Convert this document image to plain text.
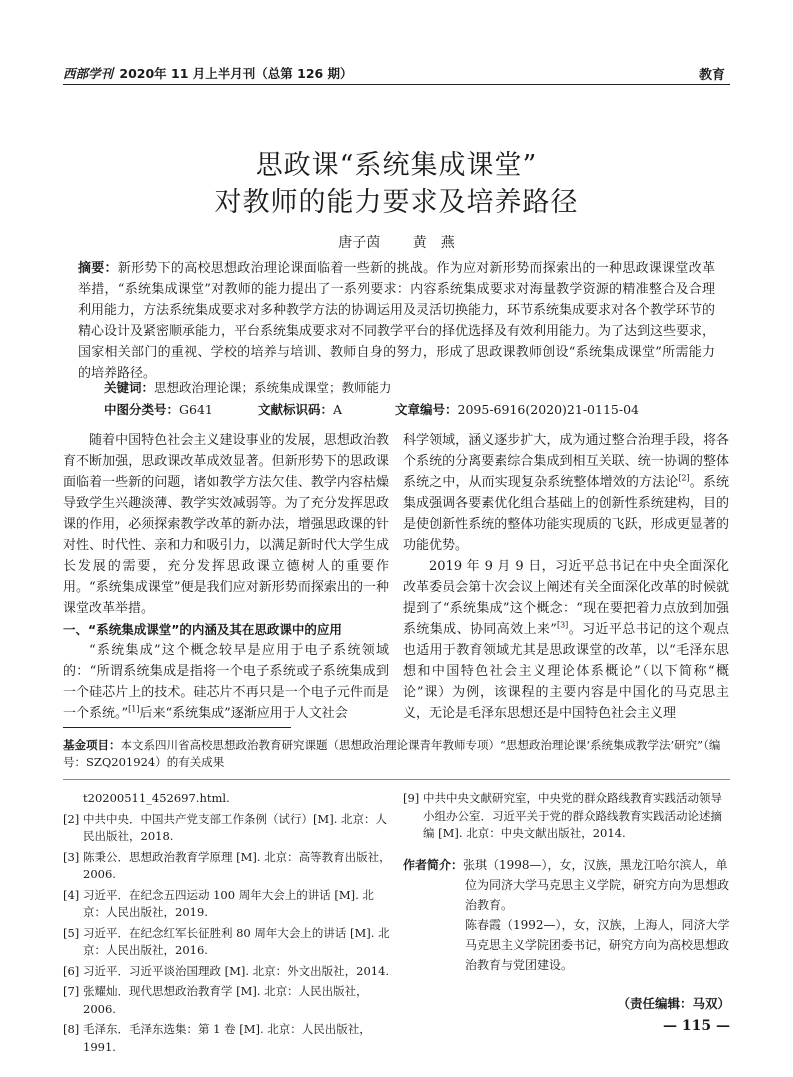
西部学刊 2020年 11 月上半月刊（总第 126 期）	教育
思政课“系统集成课堂”
对教师的能力要求及培养路径
唐子茵 黄　燕
摘要：新形势下的高校思想政治理论课面临着一些新的挑战。作为应对新形势而探索出的一种思政课课堂改革举措，“系统集成课堂”对教师的能力提出了一系列要求：内容系统集成要求对海量教学资源的精准整合及合理利用能力，方法系统集成要求对多种教学方法的协调运用及灵活切换能力，环节系统集成要求对各个教学环节的精心设计及紧密顺承能力，平台系统集成要求对不同教学平台的择优选择及有效利用能力。为了达到这些要求，国家相关部门的重视、学校的培养与培训、教师自身的努力，形成了思政课教师创设“系统集成课堂”所需能力的培养路径。
关键词：思想政治理论课；系统集成课堂；教师能力
中图分类号：G641	文献标识码：A	文章编号：2095-6916(2020)21-0115-04

随着中国特色社会主义建设事业的发展，思想政治教育不断加强，思政课改革成效显著。但新形势下的思政课面临着一些新的问题，诸如教学方法欠佳、教学内容枯燥导致学生兴趣淡薄、教学实效减弱等。为了充分发挥思政课的作用，必须探索教学改革的新办法，增强思政课的针对性、时代性、亲和力和吸引力，以满足新时代大学生成长发展的需要，充分发挥思政课立德树人的重要作用。“系统集成课堂”便是我们应对新形势而探索出的一种课堂改革举措。

一、“系统集成课堂”的内涵及其在思政课中的应用

“系统集成”这个概念较早是应用于电子系统领域的：“所谓系统集成是指将一个电子系统或子系统集成到一个硅芯片上的技术。硅芯片不再只是一个电子元件而是一个系统。”[1]后来“系统集成”逐渐应用于人文社会

科学领域，涵义逐步扩大，成为通过整合治理手段，将各个系统的分离要素综合集成到相互关联、统一协调的整体系统之中，从而实现复杂系统整体增效的方法论[2]。系统集成强调各要素优化组合基础上的创新性系统建构，目的是使创新性系统的整体功能实现质的飞跃，形成更显著的功能优势。

2019 年 9 月 9 日，习近平总书记在中央全面深化改革委员会第十次会议上阐述有关全面深化改革的时候就提到了“系统集成”这个概念：“现在要把着力点放到加强系统集成、协同高效上来”[3]。习近平总书记的这个观点也适用于教育领域尤其是思政课堂的改革，以“毛泽东思想和中国特色社会主义理论体系概论”（以下简称“概论”课）为例，该课程的主要内容是中国化的马克思主义，无论是毛泽东思想还是中国特色社会主义理

基金项目：本文系四川省高校思想政治教育研究课题（思想政治理论课青年教师专项）“思想政治理论课‘系统集成教学法’研究”（编号：SZQ201924）的有关成果
t20200511_452697.html.
[2] 中共中央．中国共产党支部工作条例（试行）[M]. 北京：人民出版社，2018.
[3] 陈秉公．思想政治教育学原理 [M]. 北京：高等教育出版社，2006.
[4] 习近平．在纪念五四运动 100 周年大会上的讲话 [M]. 北京：人民出版社，2019.
[5] 习近平．在纪念红军长征胜利 80 周年大会上的讲话 [M]. 北京：人民出版社，2016.
[6] 习近平．习近平谈治国理政 [M]. 北京：外文出版社，2014.
[7] 张耀灿．现代思想政治教育学 [M]. 北京：人民出版社，2006.
[8] 毛泽东．毛泽东选集：第 1 卷 [M]. 北京：人民出版社，1991.
[9] 中共中央文献研究室，中央党的群众路线教育实践活动领导小组办公室．习近平关于党的群众路线教育实践活动论述摘编 [M]. 北京：中央文献出版社，2014.
作者简介：张琪（1998—），女，汉族，黑龙江哈尔滨人，单位为同济大学马克思主义学院，研究方向为思想政治教育。
陈春霞（1992—），女，汉族，上海人，同济大学马克思主义学院团委书记，研究方向为高校思想政治教育与党团建设。
（责任编辑：马双）
— 115 —
